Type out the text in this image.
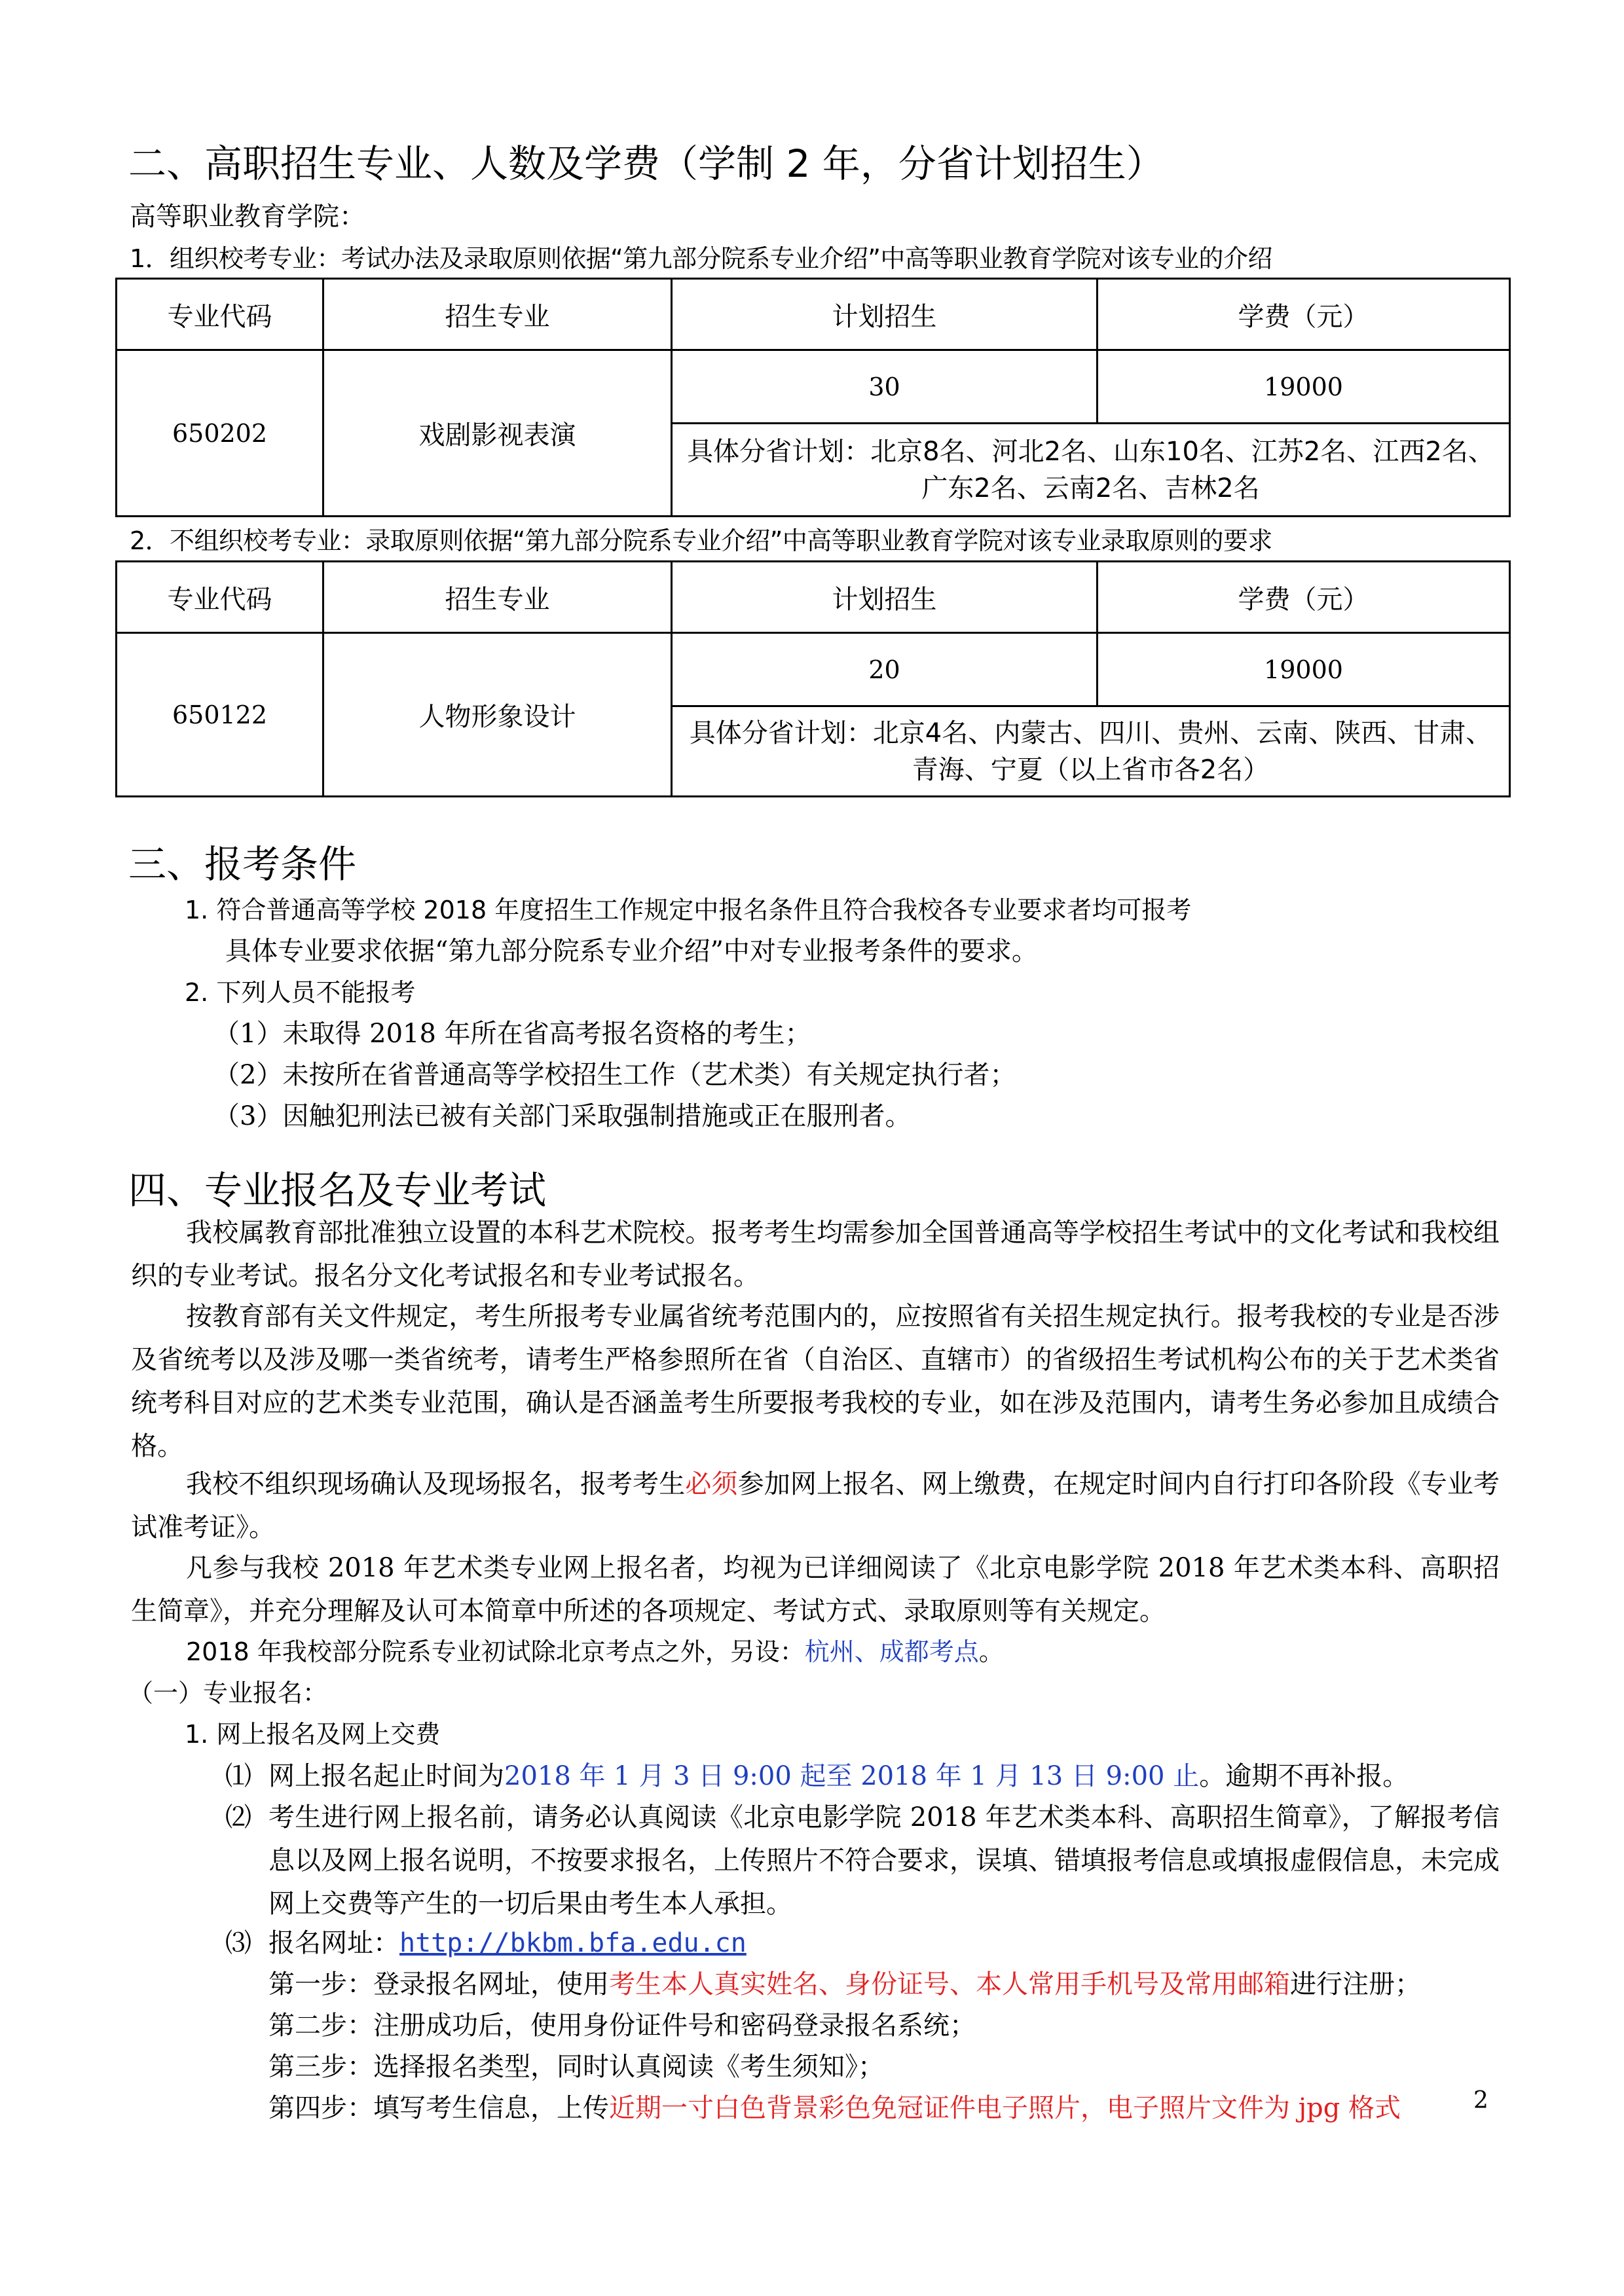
二、高职招生专业、人数及学费（学制 2 年，分省计划招生）
高等职业教育学院：
1．组织校考专业：考试办法及录取原则依据“第九部分院系专业介绍”中高等职业教育学院对该专业的介绍
专业代码	招生专业	计划招生	学费（元）
650202	戏剧影视表演	30	19000
		具体分省计划：北京8名、河北2名、山东10名、江苏2名、江西2名、广东2名、云南2名、吉林2名	
2．不组织校考专业：录取原则依据“第九部分院系专业介绍”中高等职业教育学院对该专业录取原则的要求
专业代码	招生专业	计划招生	学费（元）
650122	人物形象设计	20	19000
		具体分省计划：北京4名、内蒙古、四川、贵州、云南、陕西、甘肃、青海、宁夏（以上省市各2名）	
三、报考条件
1. 符合普通高等学校 2018 年度招生工作规定中报名条件且符合我校各专业要求者均可报考
具体专业要求依据“第九部分院系专业介绍”中对专业报考条件的要求。
2. 下列人员不能报考
（1）未取得 2018 年所在省高考报名资格的考生；
（2）未按所在省普通高等学校招生工作（艺术类）有关规定执行者；
（3）因触犯刑法已被有关部门采取强制措施或正在服刑者。
四、专业报名及专业考试
我校属教育部批准独立设置的本科艺术院校。报考考生均需参加全国普通高等学校招生考试中的文化考试和我校组织的专业考试。报名分文化考试报名和专业考试报名。
按教育部有关文件规定，考生所报考专业属省统考范围内的，应按照省有关招生规定执行。报考我校的专业是否涉及省统考以及涉及哪一类省统考，请考生严格参照所在省（自治区、直辖市）的省级招生考试机构公布的关于艺术类省统考科目对应的艺术类专业范围，确认是否涵盖考生所要报考我校的专业，如在涉及范围内，请考生务必参加且成绩合格。
我校不组织现场确认及现场报名，报考考生必须参加网上报名、网上缴费，在规定时间内自行打印各阶段《专业考试准考证》。
凡参与我校 2018 年艺术类专业网上报名者，均视为已详细阅读了《北京电影学院 2018 年艺术类本科、高职招生简章》，并充分理解及认可本简章中所述的各项规定、考试方式、录取原则等有关规定。
2018 年我校部分院系专业初试除北京考点之外，另设：杭州、成都考点。
（一）专业报名：
1. 网上报名及网上交费
⑴ 网上报名起止时间为2018 年 1 月 3 日 9:00 起至 2018 年 1 月 13 日 9:00 止。逾期不再补报。
⑵ 考生进行网上报名前，请务必认真阅读《北京电影学院 2018 年艺术类本科、高职招生简章》，了解报考信息以及网上报名说明，不按要求报名，上传照片不符合要求，误填、错填报考信息或填报虚假信息，未完成网上交费等产生的一切后果由考生本人承担。
⑶ 报名网址：http://bkbm.bfa.edu.cn
第一步：登录报名网址，使用考生本人真实姓名、身份证号、本人常用手机号及常用邮箱进行注册；
第二步：注册成功后，使用身份证件号和密码登录报名系统；
第三步：选择报名类型，同时认真阅读《考生须知》；
第四步：填写考生信息，上传近期一寸白色背景彩色免冠证件电子照片，电子照片文件为 jpg 格式	2
